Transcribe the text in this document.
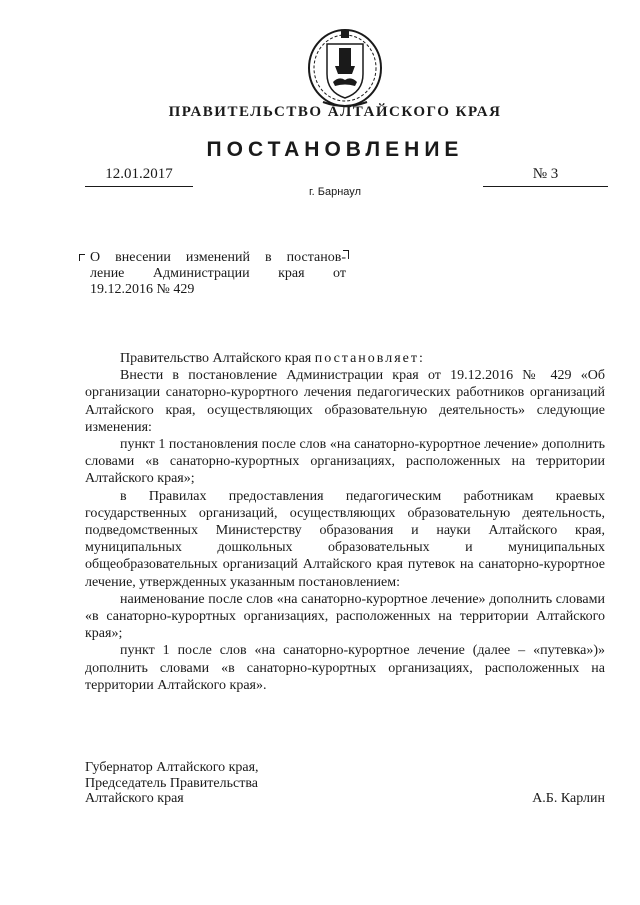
ПРАВИТЕЛЬСТВО АЛТАЙСКОГО КРАЯ
ПОСТАНОВЛЕНИЕ
12.01.2017	№ 3
г. Барнаул
О внесении изменений в постанов-
ление Администрации края от
19.12.2016 № 429

Правительство Алтайского края постановляет:

Внести в постановление Администрации края от 19.12.2016 № 429 «Об организации санаторно-курортного лечения педагогических работников организаций Алтайского края, осуществляющих образовательную деятельность» следующие изменения:

пункт 1 постановления после слов «на санаторно-курортное лечение» дополнить словами «в санаторно-курортных организациях, расположенных на территории Алтайского края»;

в Правилах предоставления педагогическим работникам краевых государственных организаций, осуществляющих образовательную деятельность, подведомственных Министерству образования и науки Алтайского края, муниципальных дошкольных образовательных и муниципальных общеобразовательных организаций Алтайского края путевок на санаторно-курортное лечение, утвержденных указанным постановлением:

наименование после слов «на санаторно-курортное лечение» дополнить словами «в санаторно-курортных организациях, расположенных на территории Алтайского края»;

пункт 1 после слов «на санаторно-курортное лечение (далее – «путевка»)» дополнить словами «в санаторно-курортных организациях, расположенных на территории Алтайского края».

Губернатор Алтайского края,
Председатель Правительства
Алтайского края	А.Б. Карлин
